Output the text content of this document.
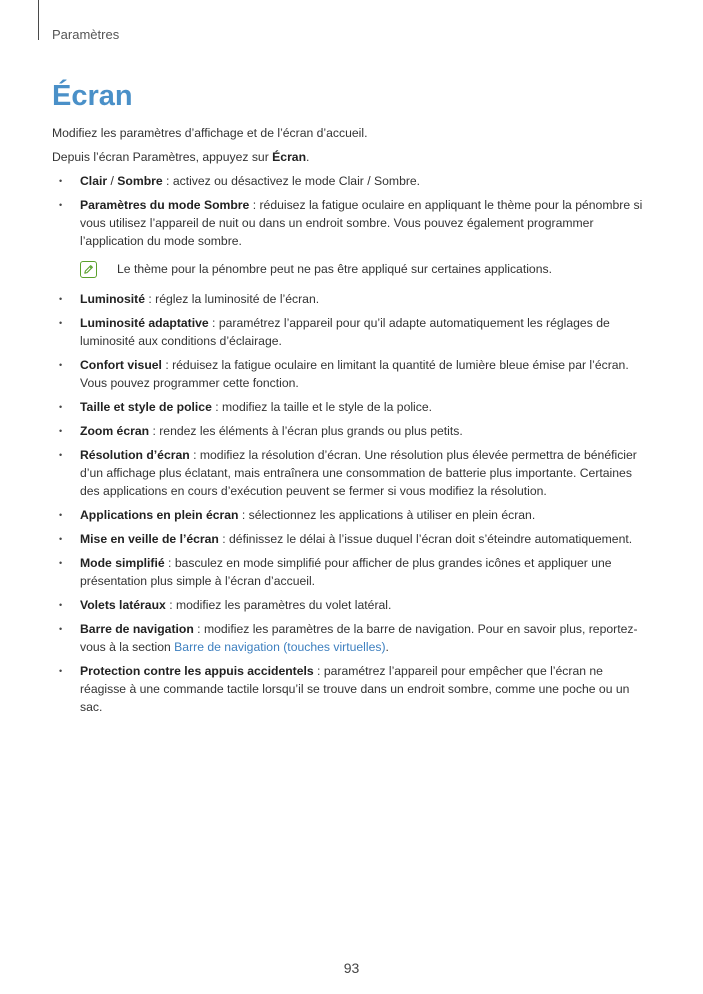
Paramètres
Écran

Modifiez les paramètres d’affichage et de l’écran d’accueil.

Depuis l’écran Paramètres, appuyez sur Écran.

• Clair / Sombre : activez ou désactivez le mode Clair / Sombre.
• Paramètres du mode Sombre : réduisez la fatigue oculaire en appliquant le thème pour la pénombre si vous utilisez l’appareil de nuit ou dans un endroit sombre. Vous pouvez également programmer l’application du mode sombre.
Le thème pour la pénombre peut ne pas être appliqué sur certaines applications.
• Luminosité : réglez la luminosité de l’écran.
• Luminosité adaptative : paramétrez l’appareil pour qu’il adapte automatiquement les réglages de luminosité aux conditions d’éclairage.
• Confort visuel : réduisez la fatigue oculaire en limitant la quantité de lumière bleue émise par l’écran. Vous pouvez programmer cette fonction.
• Taille et style de police : modifiez la taille et le style de la police.
• Zoom écran : rendez les éléments à l’écran plus grands ou plus petits.
• Résolution d’écran : modifiez la résolution d’écran. Une résolution plus élevée permettra de bénéficier d’un affichage plus éclatant, mais entraînera une consommation de batterie plus importante. Certaines des applications en cours d’exécution peuvent se fermer si vous modifiez la résolution.
• Applications en plein écran : sélectionnez les applications à utiliser en plein écran.
• Mise en veille de l’écran : définissez le délai à l’issue duquel l’écran doit s’éteindre automatiquement.
• Mode simplifié : basculez en mode simplifié pour afficher de plus grandes icônes et appliquer une présentation plus simple à l’écran d’accueil.
• Volets latéraux : modifiez les paramètres du volet latéral.
• Barre de navigation : modifiez les paramètres de la barre de navigation. Pour en savoir plus, reportez-vous à la section Barre de navigation (touches virtuelles).
• Protection contre les appuis accidentels : paramétrez l’appareil pour empêcher que l’écran ne réagisse à une commande tactile lorsqu’il se trouve dans un endroit sombre, comme une poche ou un sac.
93
